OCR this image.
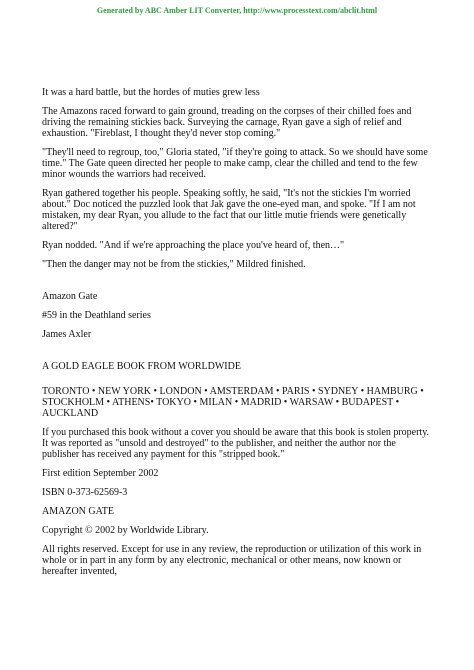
Generated by ABC Amber LIT Converter, http://www.processtext.com/abclit.html

It was a hard battle, but the hordes of muties grew less

The Amazons raced forward to gain ground, treading on the corpses of their chilled foes and driving the remaining stickies back. Surveying the carnage, Ryan gave a sigh of relief and exhaustion. "Fireblast, I thought they'd never stop coming."

"They'll need to regroup, too," Gloria stated, "if they're going to attack. So we should have some time." The Gate queen directed her people to make camp, clear the chilled and tend to the few minor wounds the warriors had received.

Ryan gathered together his people. Speaking softly, he said, "It's not the stickies I'm worried about." Doc noticed the puzzled look that Jak gave the one-eyed man, and spoke. "If I am not mistaken, my dear Ryan, you allude to the fact that our little mutie friends were genetically altered?"

Ryan nodded. "And if we're approaching the place you've heard of, then…"

"Then the danger may not be from the stickies," Mildred finished.

Amazon Gate

#59 in the Deathland series

James Axler

A GOLD EAGLE BOOK FROM WORLDWIDE

TORONTO • NEW YORK • LONDON • AMSTERDAM • PARIS • SYDNEY • HAMBURG • STOCKHOLM • ATHENS• TOKYO • MILAN • MADRID • WARSAW • BUDAPEST • AUCKLAND

If you purchased this book without a cover you should be aware that this book is stolen property. It was reported as "unsold and destroyed" to the publisher, and neither the author nor the publisher has received any payment for this "stripped book."

First edition September 2002

ISBN 0-373-62569-3

AMAZON GATE

Copyright © 2002 by Worldwide Library.

All rights reserved. Except for use in any review, the reproduction or utilization of this work in whole or in part in any form by any electronic, mechanical or other means, now known or hereafter invented,
